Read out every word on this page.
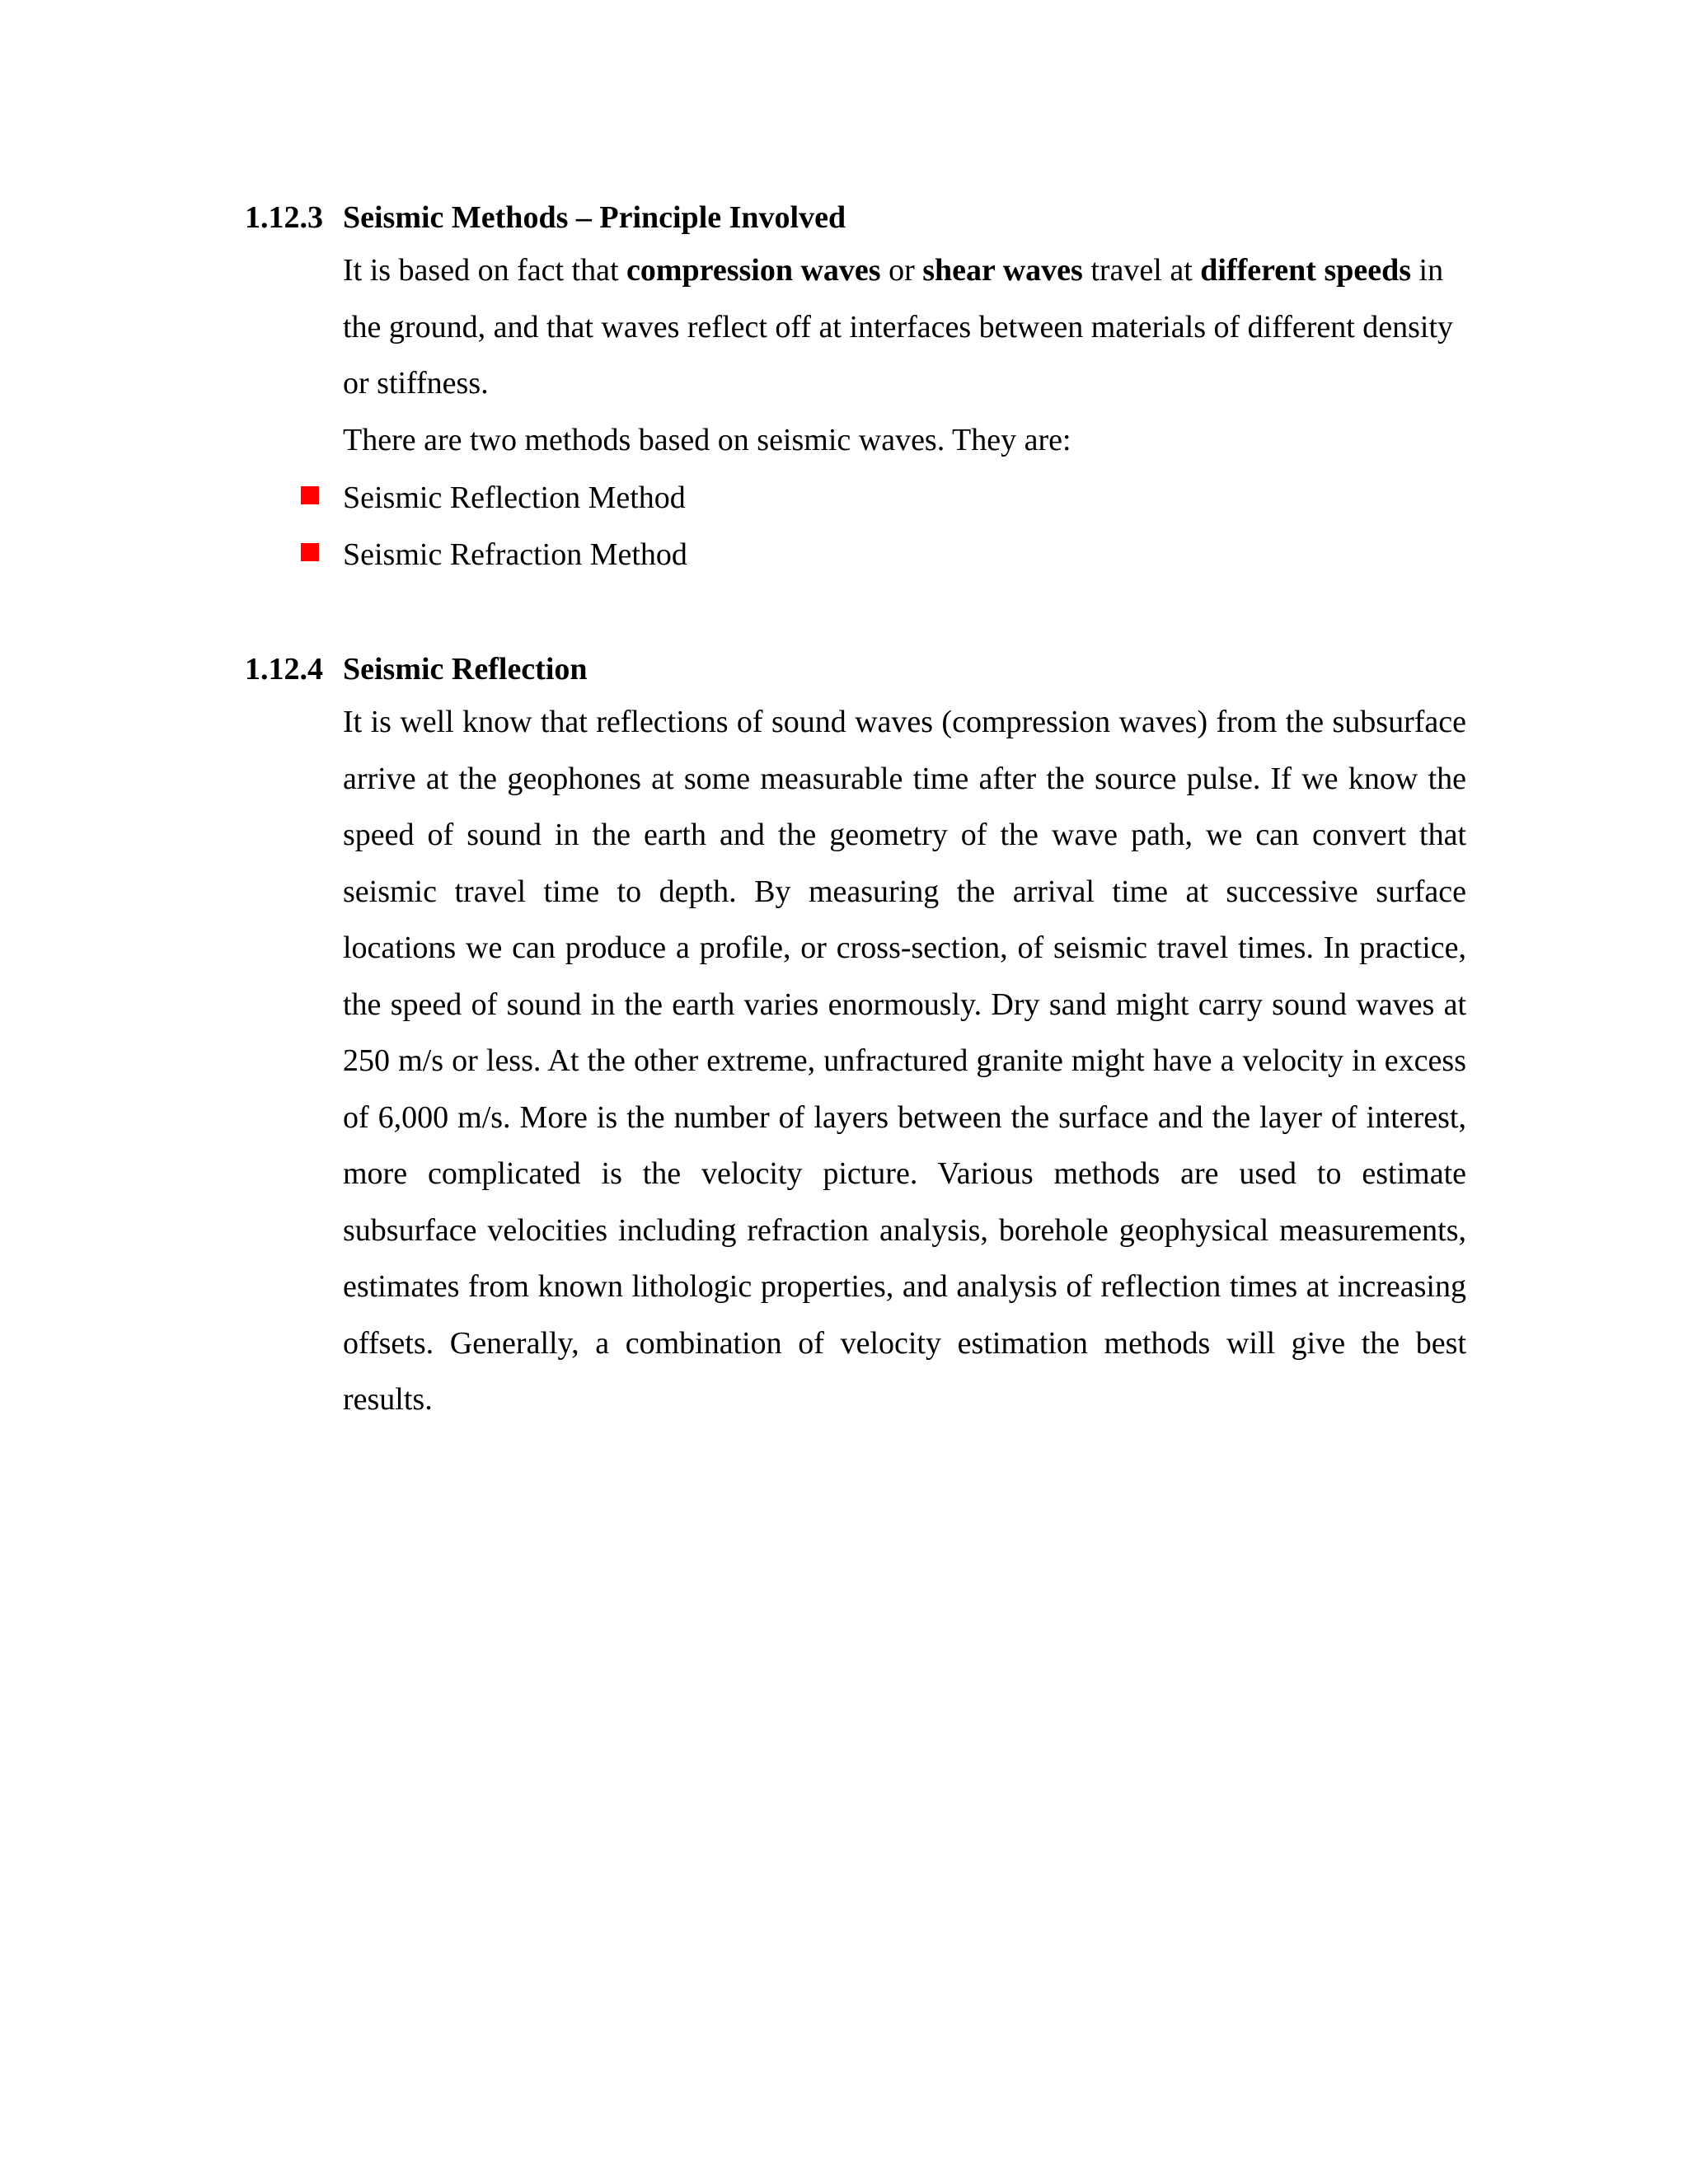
1.12.3 Seismic Methods – Principle Involved

It is based on fact that compression waves or shear waves travel at different speeds in the ground, and that waves reflect off at interfaces between materials of different density or stiffness.

There are two methods based on seismic waves. They are:

Seismic Reflection Method
Seismic Refraction Method
1.12.4 Seismic Reflection

It is well know that reflections of sound waves (compression waves) from the subsurface arrive at the geophones at some measurable time after the source pulse. If we know the speed of sound in the earth and the geometry of the wave path, we can convert that seismic travel time to depth. By measuring the arrival time at successive surface locations we can produce a profile, or cross-section, of seismic travel times. In practice, the speed of sound in the earth varies enormously. Dry sand might carry sound waves at 250 m/s or less. At the other extreme, unfractured granite might have a velocity in excess of 6,000 m/s. More is the number of layers between the surface and the layer of interest, more complicated is the velocity picture. Various methods are used to estimate subsurface velocities including refraction analysis, borehole geophysical measurements, estimates from known lithologic properties, and analysis of reflection times at increasing offsets. Generally, a combination of velocity estimation methods will give the best results.
